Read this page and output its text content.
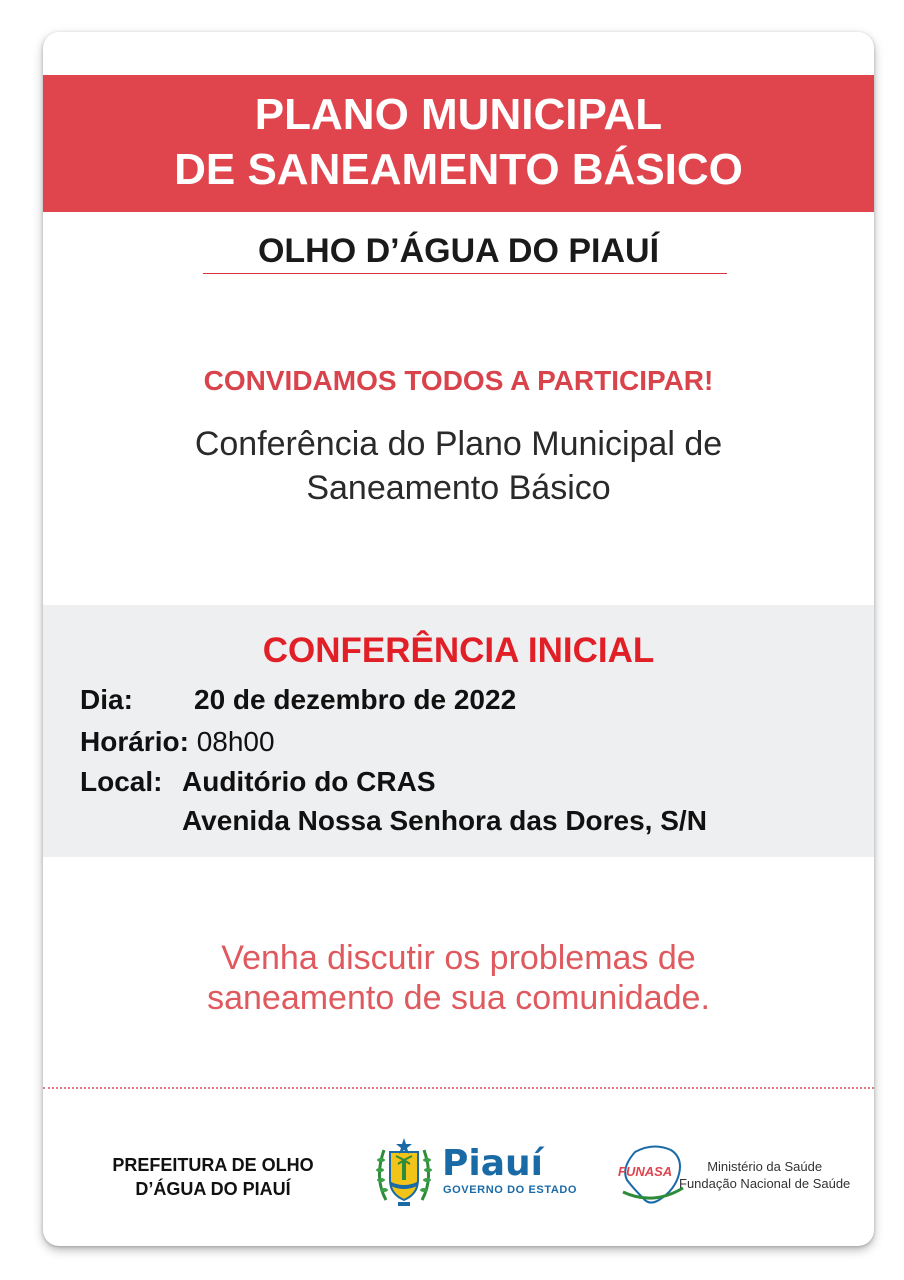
PLANO MUNICIPAL
DE SANEAMENTO BÁSICO
OLHO D’ÁGUA DO PIAUÍ
CONVIDAMOS TODOS A PARTICIPAR!
Conferência do Plano Municipal de
Saneamento Básico
CONFERÊNCIA INICIAL
Dia: 20 de dezembro de 2022
Horário: 08h00
Local: Auditório do CRAS
Avenida Nossa Senhora das Dores, S/N
Venha discutir os problemas de
saneamento de sua comunidade.
PREFEITURA DE OLHO
D’ÁGUA DO PIAUÍ
Piauí
GOVERNO DO ESTADO
FUNASA	Ministério da Saúde
Fundação Nacional de Saúde
